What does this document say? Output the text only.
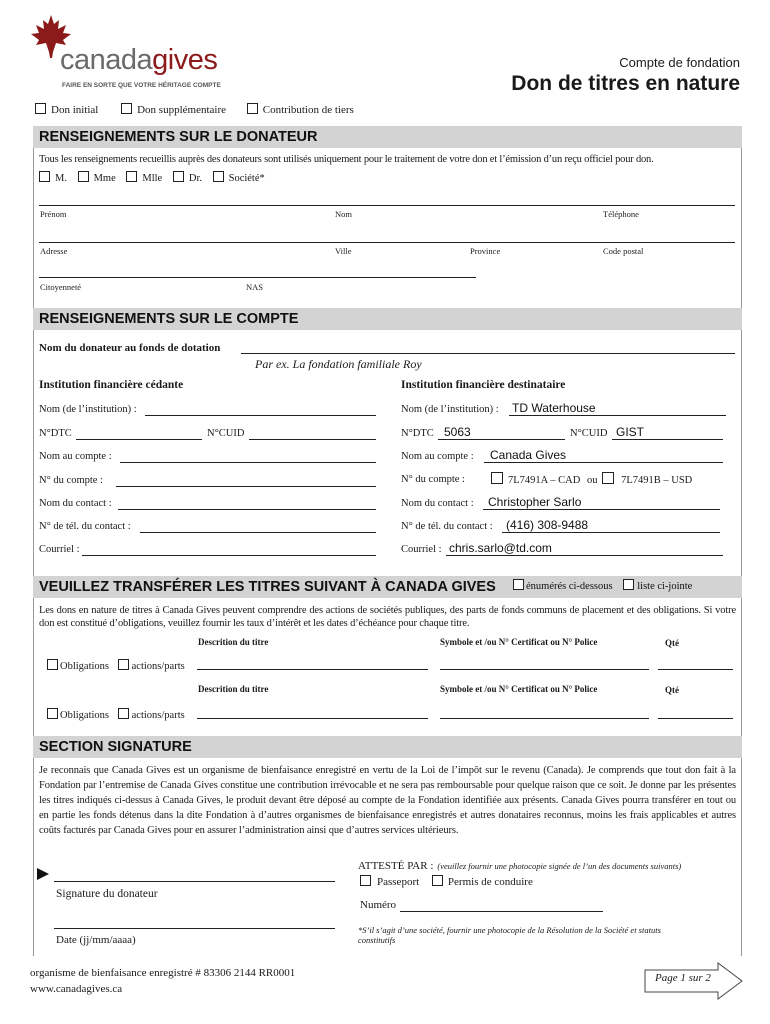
canadagives
FAIRE EN SORTE QUE VOTRE HÉRITAGE COMPTE
Compte de fondation
Don de titres en nature
Don initial	Don supplémentaire	Contribution de tiers
RENSEIGNEMENTS SUR LE DONATEUR
Tous les renseignements recueillis auprès des donateurs sont utilisés uniquement pour le traitement de votre don et l’émission d’un reçu officiel pour don.
M.	Mme	Mlle	Dr.	Société*
Prénom	Nom	Téléphone
Adresse	Ville	Province	Code postal
Citoyenneté	NAS
RENSEIGNEMENTS SUR LE COMPTE
Nom du donateur au fonds de dotation
Par ex. La fondation familiale Roy
Institution financière cédante	Institution financière destinataire
Nom (de l’institution) :
N°DTC	N°CUID
Nom au compte :
N° du compte :
Nom du contact :
N° de tél. du contact :
Courriel :
Nom (de l’institution) : TD Waterhouse
N°DTC 5063	N°CUID GIST
Nom au compte : Canada Gives
N° du compte :	7L7491A – CAD ou 7L7491B – USD
Nom du contact : Christopher Sarlo
N° de tél. du contact : (416) 308-9488
Courriel : chris.sarlo@td.com
VEUILLEZ TRANSFÉRER LES TITRES SUIVANT À CANADA GIVES	énumérés ci-dessous liste ci-jointe
Les dons en nature de titres à Canada Gives peuvent comprendre des actions de sociétés publiques, des parts de fonds communs de placement et des obligations. Si votre don est constitué d’obligations, veuillez fournir les taux d’intérêt et les dates d’échéance pour chaque titre.
Descrition du titre	Symbole et /ou N° Certificat ou N° Police	Qté
Obligations actions/parts
Descrition du titre	Symbole et /ou N° Certificat ou N° Police	Qté
Obligations actions/parts
SECTION SIGNATURE
Je reconnais que Canada Gives est un organisme de bienfaisance enregistré en vertu de la Loi de l’impôt sur le revenu (Canada). Je comprends que tout don fait à la Fondation par l’entremise de Canada Gives constitue une contribution irrévocable et ne sera pas remboursable pour quelque raison que ce soit. Je donne par les présentes les titres indiqués ci-dessus à Canada Gives, le produit devant être déposé au compte de la Fondation identifiée aux présents. Canada Gives pourra transférer en tout ou en partie les fonds détenus dans la dite Fondation à d’autres organismes de bienfaisance enregistrés et autres donataires reconnus, moins les frais applicables et autres coûts facturés par Canada Gives pour en assurer l’administration ainsi que d’autres services ultérieurs.
ATTESTÉ PAR : (veuillez fournir une photocopie signée de l’un des documents suivants)
Passeport	Permis de conduire
Numéro
Signature du donateur
Date (jj/mm/aaaa)
*S’il s’agit d’une société, fournir une photocopie de la Résolution de la Société et statuts constitutifs
organisme de bienfaisance enregistré # 83306 2144 RR0001
www.canadagives.ca
Page 1 sur 2
